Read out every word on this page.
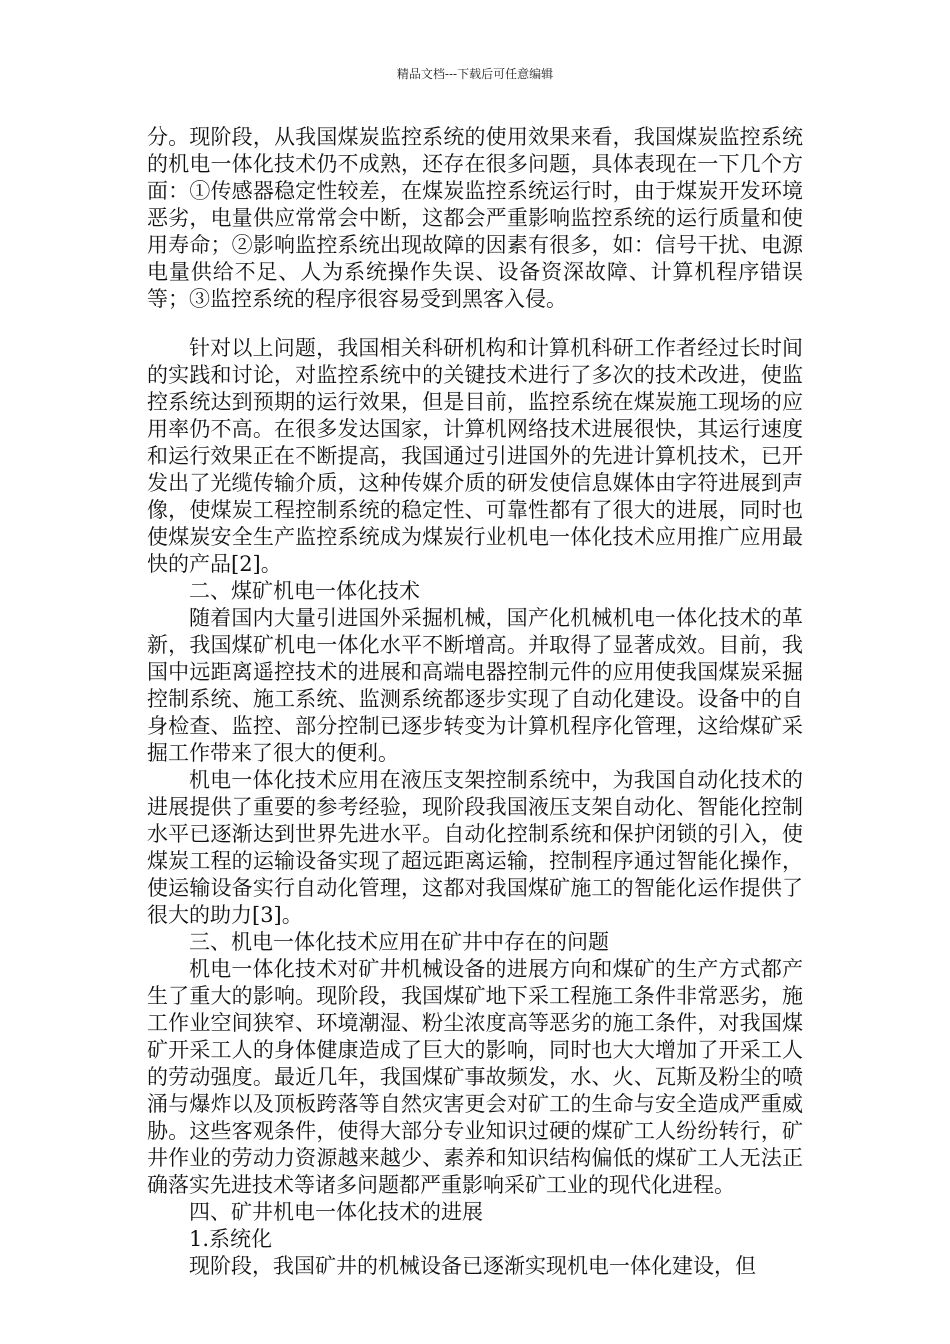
精品文档---下载后可任意编辑

分。现阶段，从我国煤炭监控系统的使用效果来看，我国煤炭监控系统的机电一体化技术仍不成熟，还存在很多问题，具体表现在一下几个方面：①传感器稳定性较差，在煤炭监控系统运行时，由于煤炭开发环境恶劣，电量供应常常会中断，这都会严重影响监控系统的运行质量和使用寿命；②影响监控系统出现故障的因素有很多，如：信号干扰、电源电量供给不足、人为系统操作失误、设备资深故障、计算机程序错误等；③监控系统的程序很容易受到黑客入侵。

针对以上问题，我国相关科研机构和计算机科研工作者经过长时间的实践和讨论，对监控系统中的关键技术进行了多次的技术改进，使监控系统达到预期的运行效果，但是目前，监控系统在煤炭施工现场的应用率仍不高。在很多发达国家，计算机网络技术进展很快，其运行速度和运行效果正在不断提高，我国通过引进国外的先进计算机技术，已开发出了光缆传输介质，这种传媒介质的研发使信息媒体由字符进展到声像，使煤炭工程控制系统的稳定性、可靠性都有了很大的进展，同时也使煤炭安全生产监控系统成为煤炭行业机电一体化技术应用推广应用最快的产品[2]。

二、煤矿机电一体化技术

随着国内大量引进国外采掘机械，国产化机械机电一体化技术的革新，我国煤矿机电一体化水平不断增高。并取得了显著成效。目前，我国中远距离遥控技术的进展和高端电器控制元件的应用使我国煤炭采掘控制系统、施工系统、监测系统都逐步实现了自动化建设。设备中的自身检查、监控、部分控制已逐步转变为计算机程序化管理，这给煤矿采掘工作带来了很大的便利。

机电一体化技术应用在液压支架控制系统中，为我国自动化技术的进展提供了重要的参考经验，现阶段我国液压支架自动化、智能化控制水平已逐渐达到世界先进水平。自动化控制系统和保护闭锁的引入，使煤炭工程的运输设备实现了超远距离运输，控制程序通过智能化操作，使运输设备实行自动化管理，这都对我国煤矿施工的智能化运作提供了很大的助力[3]。

三、机电一体化技术应用在矿井中存在的问题

机电一体化技术对矿井机械设备的进展方向和煤矿的生产方式都产生了重大的影响。现阶段，我国煤矿地下采工程施工条件非常恶劣，施工作业空间狭窄、环境潮湿、粉尘浓度高等恶劣的施工条件，对我国煤矿开采工人的身体健康造成了巨大的影响，同时也大大增加了开采工人的劳动强度。最近几年，我国煤矿事故频发，水、火、瓦斯及粉尘的喷涌与爆炸以及顶板跨落等自然灾害更会对矿工的生命与安全造成严重威胁。这些客观条件，使得大部分专业知识过硬的煤矿工人纷纷转行，矿井作业的劳动力资源越来越少、素养和知识结构偏低的煤矿工人无法正确落实先进技术等诸多问题都严重影响采矿工业的现代化进程。

四、矿井机电一体化技术的进展

1.系统化

现阶段，我国矿井的机械设备已逐渐实现机电一体化建设，但
